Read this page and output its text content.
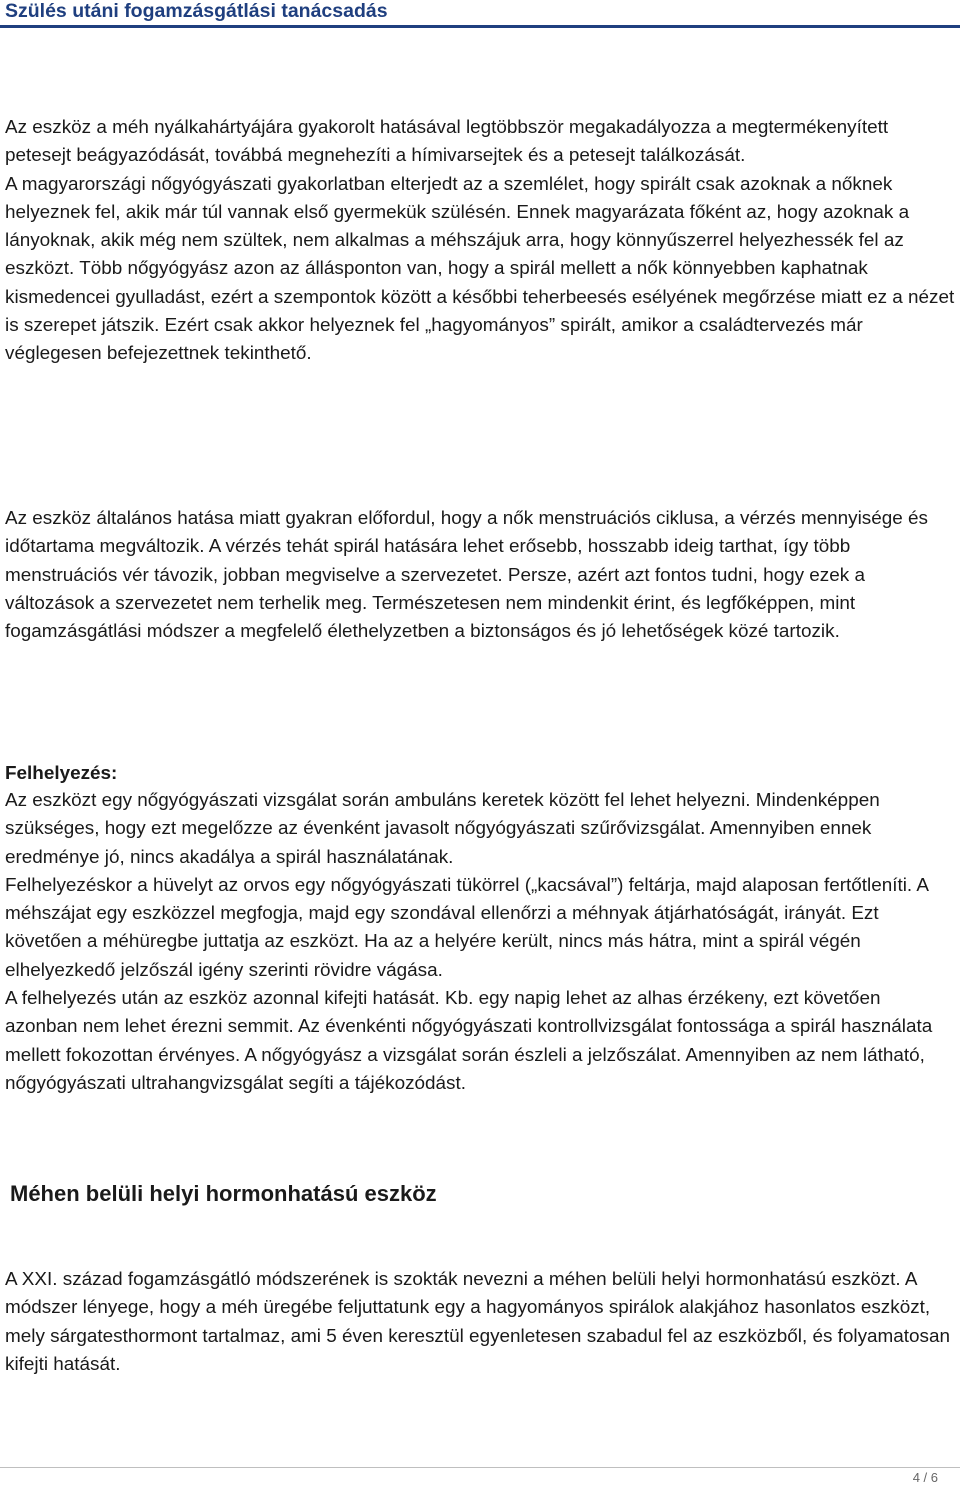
Szülés utáni fogamzásgátlási tanácsadás

Az eszköz a méh nyálkahártyájára gyakorolt hatásával legtöbbször megakadályozza a megtermékenyített petesejt beágyazódását, továbbá megnehezíti a hímivarsejtek és a petesejt találkozását.
A magyarországi nőgyógyászati gyakorlatban elterjedt az a szemlélet, hogy spirált csak azoknak a nőknek helyeznek fel, akik már túl vannak első gyermekük szülésén. Ennek magyarázata főként az, hogy azoknak a lányoknak, akik még nem szültek, nem alkalmas a méhszájuk arra, hogy könnyűszerrel helyezhessék fel az eszközt. Több nőgyógyász azon az állásponton van, hogy a spirál mellett a nők könnyebben kaphatnak kismedencei gyulladást, ezért a szempontok között a későbbi teherbeesés esélyének megőrzése miatt ez a nézet is szerepet játszik. Ezért csak akkor helyeznek fel „hagyományos” spirált, amikor a családtervezés már véglegesen befejezettnek tekinthető.

Az eszköz általános hatása miatt gyakran előfordul, hogy a nők menstruációs ciklusa, a vérzés mennyisége és időtartama megváltozik. A vérzés tehát spirál hatására lehet erősebb, hosszabb ideig tarthat, így több menstruációs vér távozik, jobban megviselve a szervezetet. Persze, azért azt fontos tudni, hogy ezek a változások a szervezetet nem terhelik meg. Természetesen nem mindenkit érint, és legfőképpen, mint fogamzásgátlási módszer a megfelelő élethelyzetben a biztonságos és jó lehetőségek közé tartozik.

Felhelyezés:

Az eszközt egy nőgyógyászati vizsgálat során ambuláns keretek között fel lehet helyezni. Mindenképpen szükséges, hogy ezt megelőzze az évenként javasolt nőgyógyászati szűrővizsgálat. Amennyiben ennek eredménye jó, nincs akadálya a spirál használatának.
Felhelyezéskor a hüvelyt az orvos egy nőgyógyászati tükörrel („kacsával”) feltárja, majd alaposan fertőtleníti. A méhszájat egy eszközzel megfogja, majd egy szondával ellenőrzi a méhnyak átjárhatóságát, irányát. Ezt követően a méhüregbe juttatja az eszközt. Ha az a helyére került, nincs más hátra, mint a spirál végén elhelyezkedő jelzőszál igény szerinti rövidre vágása.
A felhelyezés után az eszköz azonnal kifejti hatását. Kb. egy napig lehet az alhas érzékeny, ezt követően azonban nem lehet érezni semmit. Az évenkénti nőgyógyászati kontrollvizsgálat fontossága a spirál használata mellett fokozottan érvényes. A nőgyógyász a vizsgálat során észleli a jelzőszálat. Amennyiben az nem látható, nőgyógyászati ultrahangvizsgálat segíti a tájékozódást.

Méhen belüli helyi hormonhatású eszköz

A XXI. század fogamzásgátló módszerének is szokták nevezni a méhen belüli helyi hormonhatású eszközt. A módszer lényege, hogy a méh üregébe feljuttatunk egy a hagyományos spirálok alakjához hasonlatos eszközt, mely sárgatesthormont tartalmaz, ami 5 éven keresztül egyenletesen szabadul fel az eszközből, és folyamatosan kifejti hatását.

4 / 6
